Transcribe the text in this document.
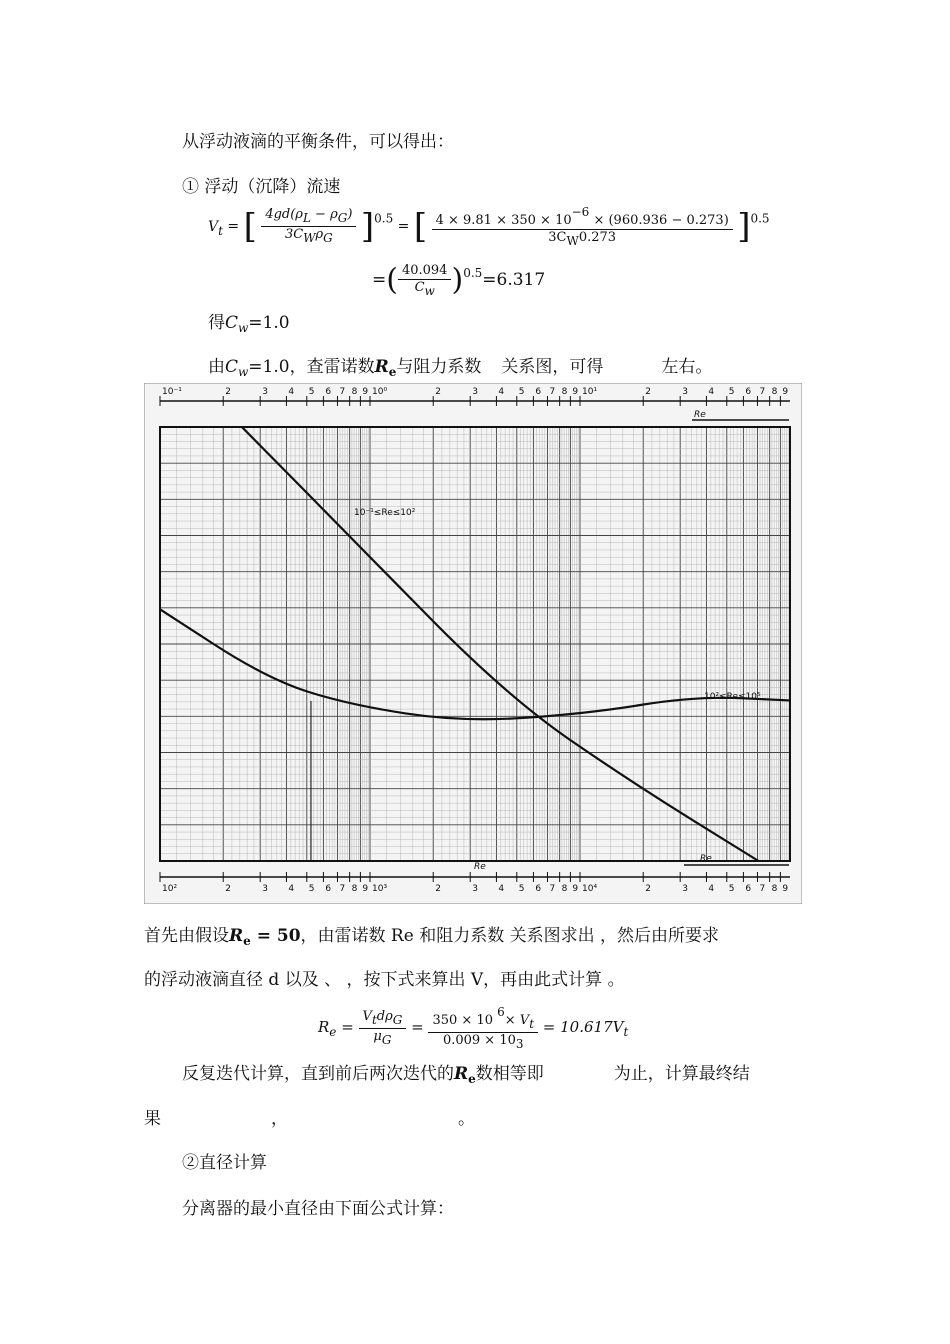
从浮动液滴的平衡条件，可以得出：
① 浮动（沉降）流速
Vt = [ $\frac{4gd(\rho L - \rho G)}{\text{3CWρG}} ]0.5$ = [ $\frac{4 \times 9.81 \times 350 \times 10-6 \times (960.936 - 0.273)}{3CW0.273} ]0.5$
=( $\frac{40.094}{Cw} )^{0.5}=6.317$
得$C_w=1.0$
由$C_w=1.0$，查雷诺数$R_e$与阻力系数 关系图，可得	左右。
10⁻¹	2	3 4 5 6 7 8 9 10⁰	2	3 4 5 6 7 8 9 10¹	2	3 4 5 6 7 8 9
10²	2	3 4 5 6 7 8 9 10³	2	3 4 5 6 7 8 9 10⁴	2	3 4 5 6 7 8 9
10⁻¹≤Re≤10²
10²≤Re≤10⁵
Re
Re
Re
首先由假设$R_e = 50$，由雷诺数 Re 和阻力系数 关系图求出 ，然后由所要求
的浮动液滴直径 d 以及 、 ，按下式来算出 V，再由此式计算 。
$R_e = \frac{\text{VtdρG}}{\mu G} = \frac{350 \times 10 6\times Vt}{0.009 \times 103} = 10.617V_t$
反复迭代计算，直到前后两次迭代的$R_e$数相等即	为止，计算最终结
果	，	。
②直径计算
分离器的最小直径由下面公式计算：
